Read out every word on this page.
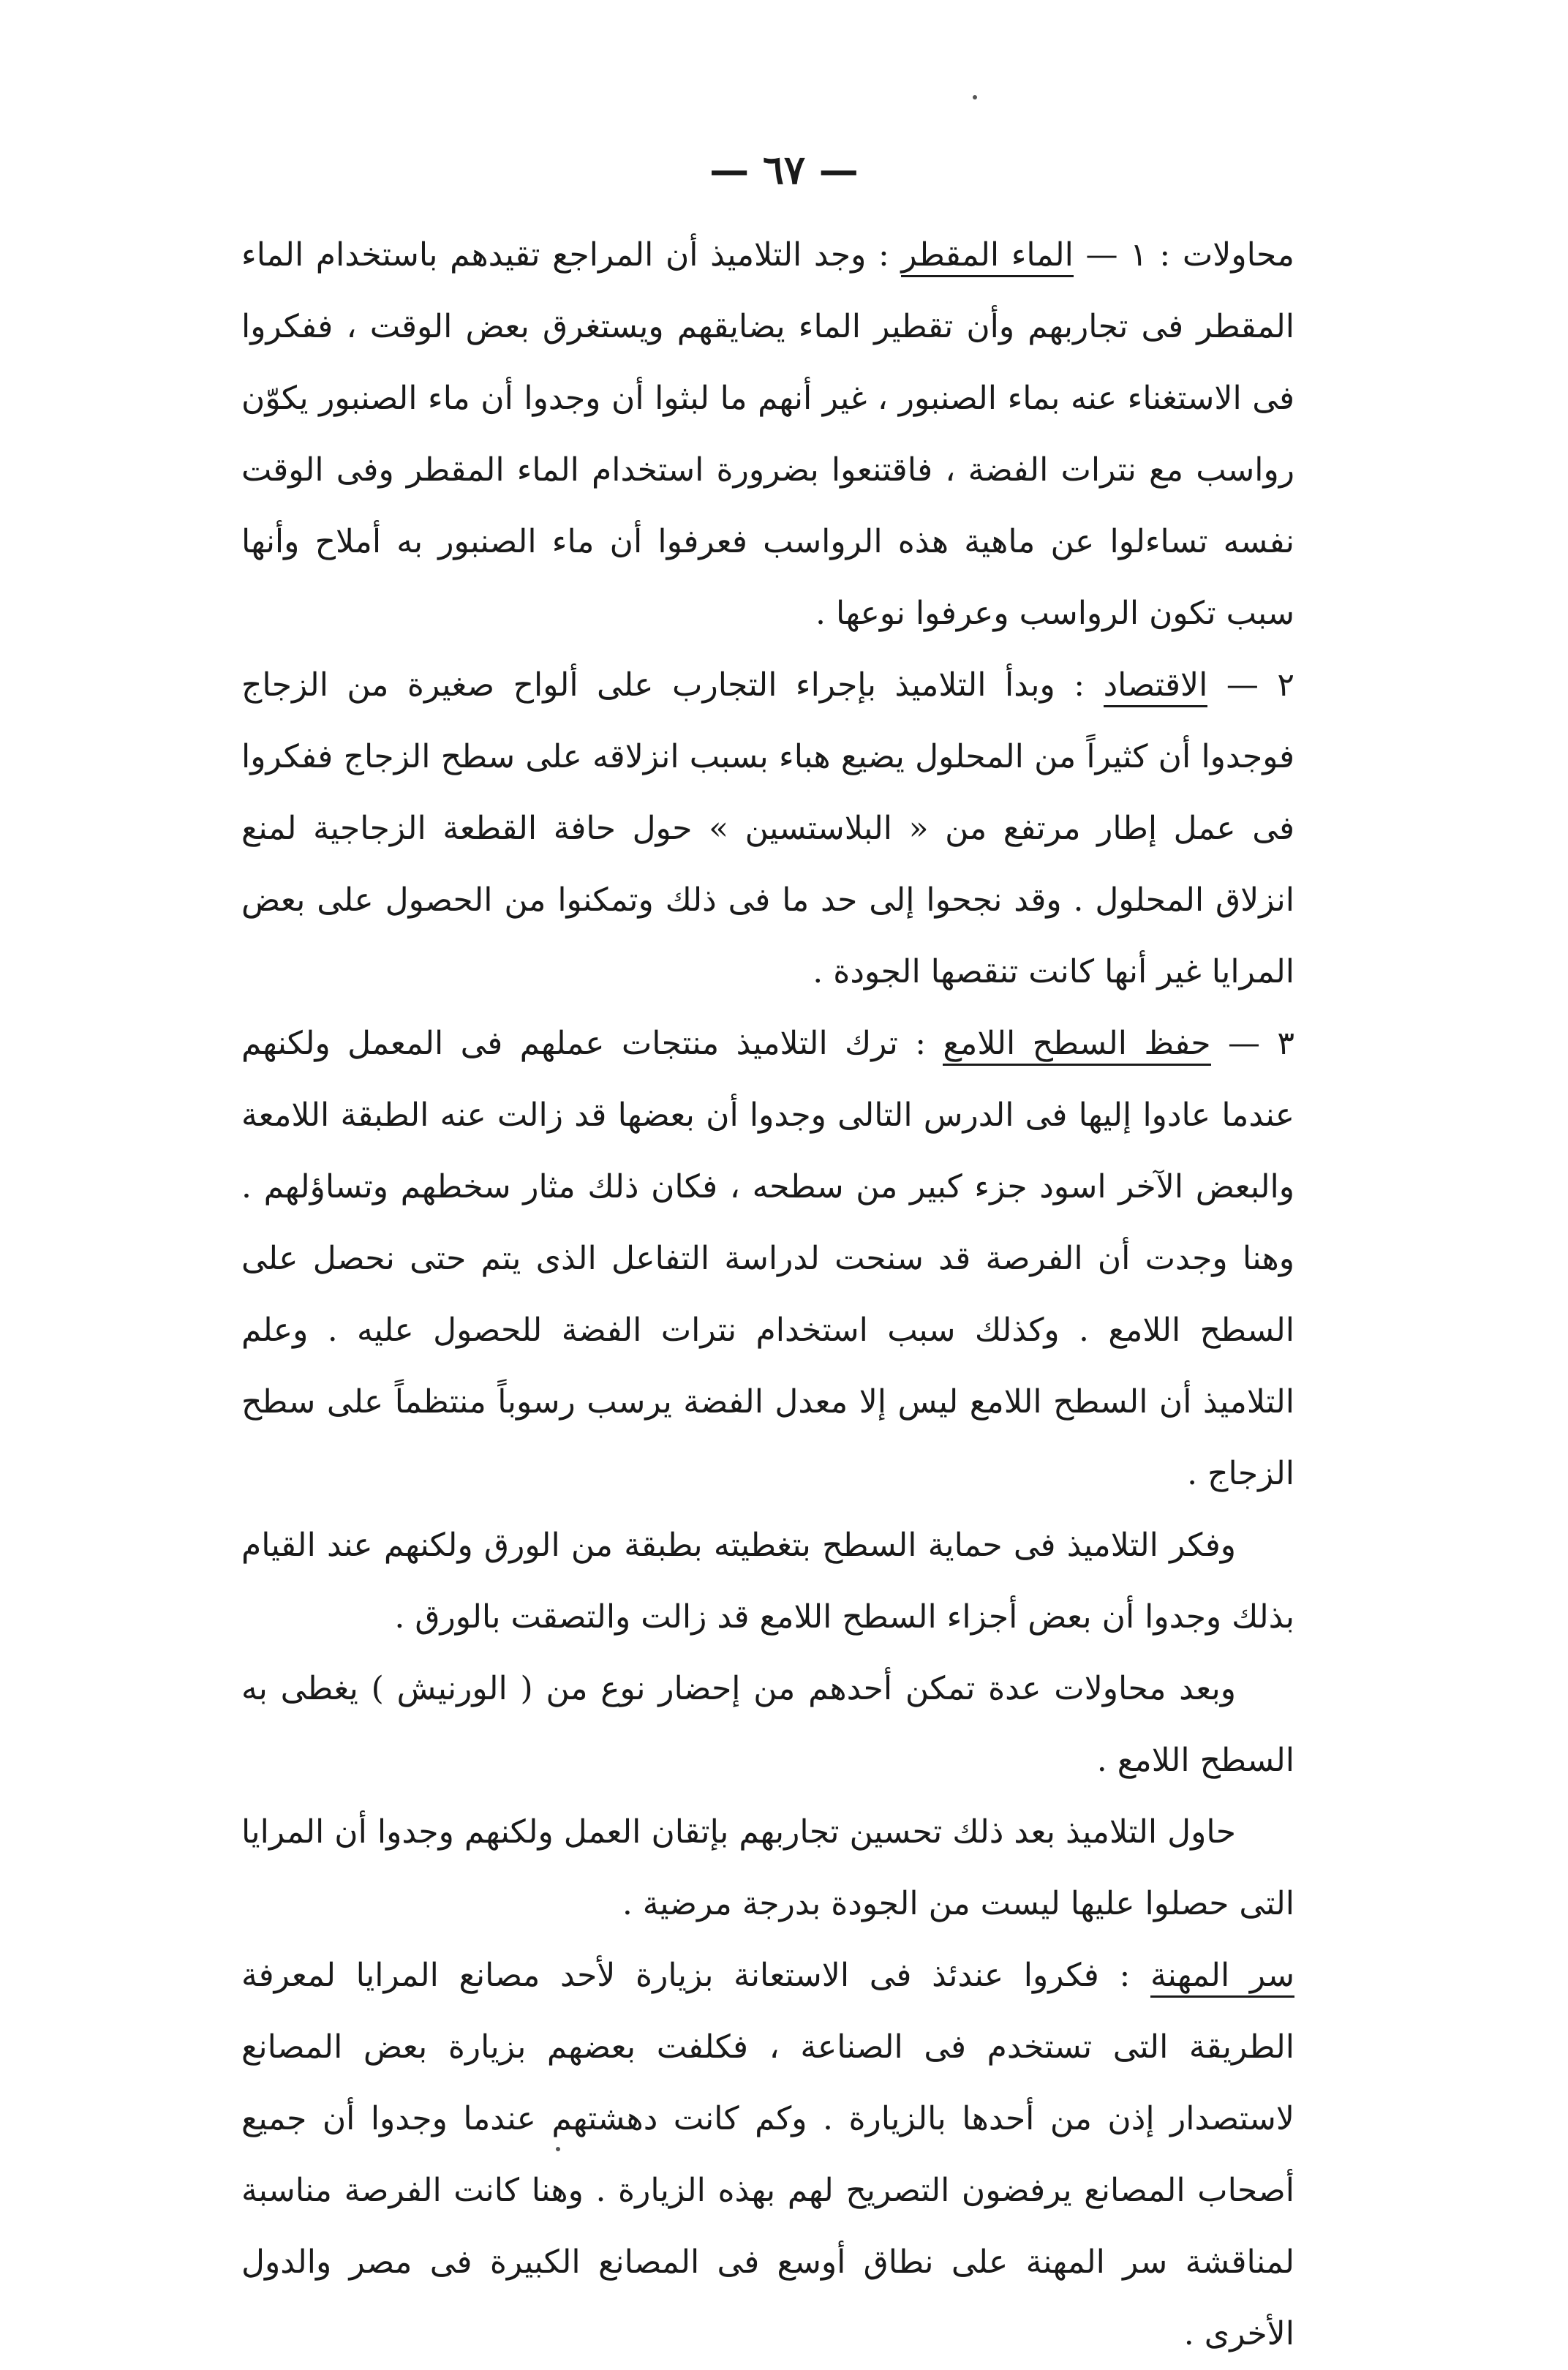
— ٦٧ —

محاولات : ١ — الماء المقطر : وجد التلاميذ أن المراجع تقيدهم باستخدام الماء المقطر فى تجاربهم وأن تقطير الماء يضايقهم ويستغرق بعض الوقت ، ففكروا فى الاستغناء عنه بماء الصنبور ، غير أنهم ما لبثوا أن وجدوا أن ماء الصنبور يكوّن رواسب مع نترات الفضة ، فاقتنعوا بضرورة استخدام الماء المقطر وفى الوقت نفسه تساءلوا عن ماهية هذه الرواسب فعرفوا أن ماء الصنبور به أملاح وأنها سبب تكون الرواسب وعرفوا نوعها .

٢ — الاقتصاد : وبدأ التلاميذ بإجراء التجارب على ألواح صغيرة من الزجاج فوجدوا أن كثيراً من المحلول يضيع هباء بسبب انزلاقه على سطح الزجاج ففكروا فى عمل إطار مرتفع من « البلاستسين » حول حافة القطعة الزجاجية لمنع انزلاق المحلول . وقد نجحوا إلى حد ما فى ذلك وتمكنوا من الحصول على بعض المرايا غير أنها كانت تنقصها الجودة .

٣ — حفظ السطح اللامع : ترك التلاميذ منتجات عملهم فى المعمل ولكنهم عندما عادوا إليها فى الدرس التالى وجدوا أن بعضها قد زالت عنه الطبقة اللامعة والبعض الآخر اسود جزء كبير من سطحه ، فكان ذلك مثار سخطهم وتساؤلهم . وهنا وجدت أن الفرصة قد سنحت لدراسة التفاعل الذى يتم حتى نحصل على السطح اللامع . وكذلك سبب استخدام نترات الفضة للحصول عليه . وعلم التلاميذ أن السطح اللامع ليس إلا معدل الفضة يرسب رسوباً منتظماً على سطح الزجاج .

وفكر التلاميذ فى حماية السطح بتغطيته بطبقة من الورق ولكنهم عند القيام بذلك وجدوا أن بعض أجزاء السطح اللامع قد زالت والتصقت بالورق .

وبعد محاولات عدة تمكن أحدهم من إحضار نوع من ( الورنيش ) يغطى به السطح اللامع .

حاول التلاميذ بعد ذلك تحسين تجاربهم بإتقان العمل ولكنهم وجدوا أن المرايا التى حصلوا عليها ليست من الجودة بدرجة مرضية .

سر المهنة : فكروا عندئذ فى الاستعانة بزيارة لأحد مصانع المرايا لمعرفة الطريقة التى تستخدم فى الصناعة ، فكلفت بعضهم بزيارة بعض المصانع لاستصدار إذن من أحدها بالزيارة . وكم كانت دهشتهم عندما وجدوا أن جميع أصحاب المصانع يرفضون التصريح لهم بهذه الزيارة . وهنا كانت الفرصة مناسبة لمناقشة سر المهنة على نطاق أوسع فى المصانع الكبيرة فى مصر والدول الأخرى .
